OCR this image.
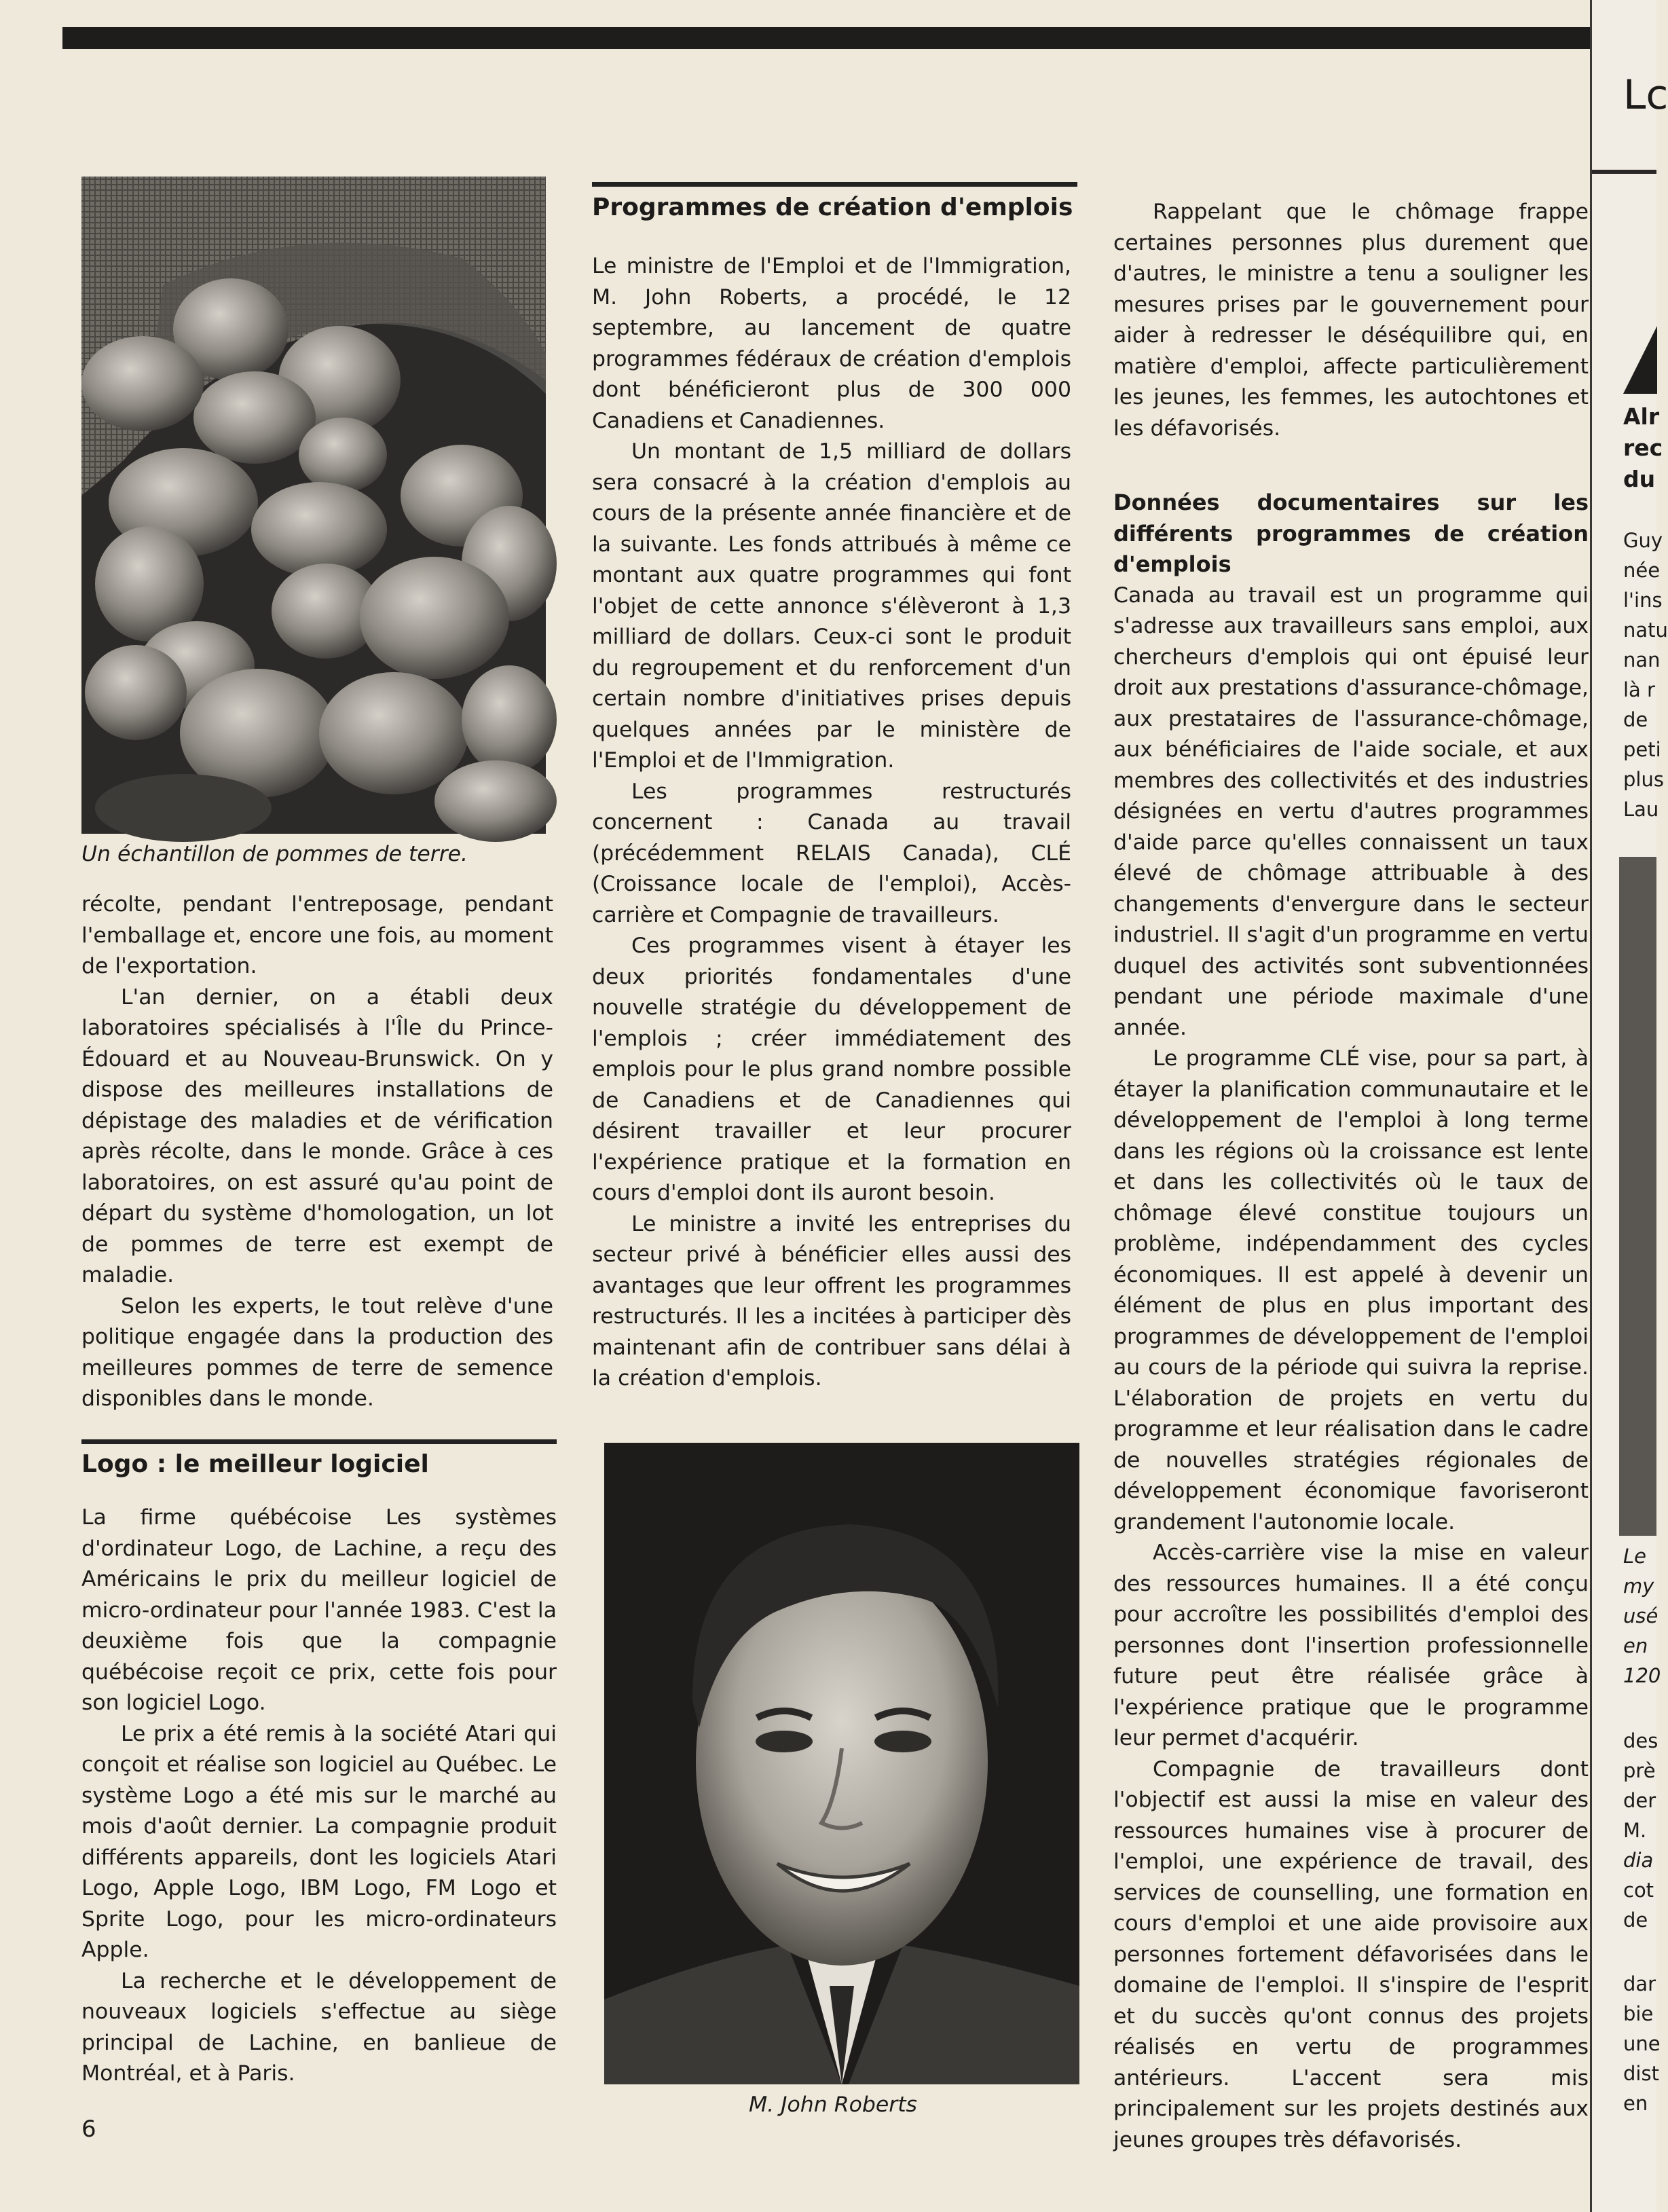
Un échantillon de pommes de terre.

récolte, pendant l'entreposage, pendant l'emballage et, encore une fois, au moment de l'exportation.

L'an dernier, on a établi deux laboratoires spécialisés à l'Île du Prince-Édouard et au Nouveau-Brunswick. On y dispose des meilleures installations de dépistage des maladies et de vérification après récolte, dans le monde. Grâce à ces laboratoires, on est assuré qu'au point de départ du système d'homologation, un lot de pommes de terre est exempt de maladie.

Selon les experts, le tout relève d'une politique engagée dans la production des meilleures pommes de terre de semence disponibles dans le monde.

Logo : le meilleur logiciel

La firme québécoise Les systèmes d'ordinateur Logo, de Lachine, a reçu des Américains le prix du meilleur logiciel de micro-ordinateur pour l'année 1983. C'est la deuxième fois que la compagnie québécoise reçoit ce prix, cette fois pour son logiciel Logo.

Le prix a été remis à la société Atari qui conçoit et réalise son logiciel au Québec. Le système Logo a été mis sur le marché au mois d'août dernier. La compagnie produit différents appareils, dont les logiciels Atari Logo, Apple Logo, IBM Logo, FM Logo et Sprite Logo, pour les micro-ordinateurs Apple.

La recherche et le développement de nouveaux logiciels s'effectue au siège principal de Lachine, en banlieue de Montréal, et à Paris.

6
Programmes de création d'emplois

Le ministre de l'Emploi et de l'Immigration, M. John Roberts, a procédé, le 12 septembre, au lancement de quatre programmes fédéraux de création d'emplois dont bénéficieront plus de 300 000 Canadiens et Canadiennes.

Un montant de 1,5 milliard de dollars sera consacré à la création d'emplois au cours de la présente année financière et de la suivante. Les fonds attribués à même ce montant aux quatre programmes qui font l'objet de cette annonce s'élèveront à 1,3 milliard de dollars. Ceux-ci sont le produit du regroupement et du renforcement d'un certain nombre d'initiatives prises depuis quelques années par le ministère de l'Emploi et de l'Immigration.

Les programmes restructurés concernent : Canada au travail (précédemment RELAIS Canada), CLÉ (Croissance locale de l'emploi), Accès-carrière et Compagnie de travailleurs.

Ces programmes visent à étayer les deux priorités fondamentales d'une nouvelle stratégie du développement de l'emplois ; créer immédiatement des emplois pour le plus grand nombre possible de Canadiens et de Canadiennes qui désirent travailler et leur procurer l'expérience pratique et la formation en cours d'emploi dont ils auront besoin.

Le ministre a invité les entreprises du secteur privé à bénéficier elles aussi des avantages que leur offrent les programmes restructurés. Il les a incitées à participer dès maintenant afin de contribuer sans délai à la création d'emplois.

M. John Roberts

Rappelant que le chômage frappe certaines personnes plus durement que d'autres, le ministre a tenu a souligner les mesures prises par le gouvernement pour aider à redresser le déséquilibre qui, en matière d'emploi, affecte particulièrement les jeunes, les femmes, les autochtones et les défavorisés.

Données documentaires sur les différents programmes de création d'emplois

Canada au travail est un programme qui s'adresse aux travailleurs sans emploi, aux chercheurs d'emplois qui ont épuisé leur droit aux prestations d'assurance-chômage, aux prestataires de l'assurance-chômage, aux bénéficiaires de l'aide sociale, et aux membres des collectivités et des industries désignées en vertu d'autres programmes d'aide parce qu'elles connaissent un taux élevé de chômage attribuable à des changements d'envergure dans le secteur industriel. Il s'agit d'un programme en vertu duquel des activités sont subventionnées pendant une période maximale d'une année.

Le programme CLÉ vise, pour sa part, à étayer la planification communautaire et le développement de l'emploi à long terme dans les régions où la croissance est lente et dans les collectivités où le taux de chômage élevé constitue toujours un problème, indépendamment des cycles économiques. Il est appelé à devenir un élément de plus en plus important des programmes de développement de l'emploi au cours de la période qui suivra la reprise. L'élaboration de projets en vertu du programme et leur réalisation dans le cadre de nouvelles stratégies régionales de développement économique favoriseront grandement l'autonomie locale.

Accès-carrière vise la mise en valeur des ressources humaines. Il a été conçu pour accroître les possibilités d'emploi des personnes dont l'insertion professionnelle future peut être réalisée grâce à l'expérience pratique que le programme leur permet d'acquérir.

Compagnie de travailleurs dont l'objectif est aussi la mise en valeur des ressources humaines vise à procurer de l'emploi, une expérience de travail, des services de counselling, une formation en cours d'emploi et une aide provisoire aux personnes fortement défavorisées dans le domaine de l'emploi. Il s'inspire de l'esprit et du succès qu'ont connus des projets réalisés en vertu de programmes antérieurs. L'accent sera mis principalement sur les projets destinés aux jeunes groupes très défavorisés.

Lc
Alr
rec
du
Guy
née
l'ins
natu
nan
là r
de
peti
plus
Lau
Le
my
usé
en
120
des
prè
der
M.
dia
cot
de
dar
bie
une
dist
en
